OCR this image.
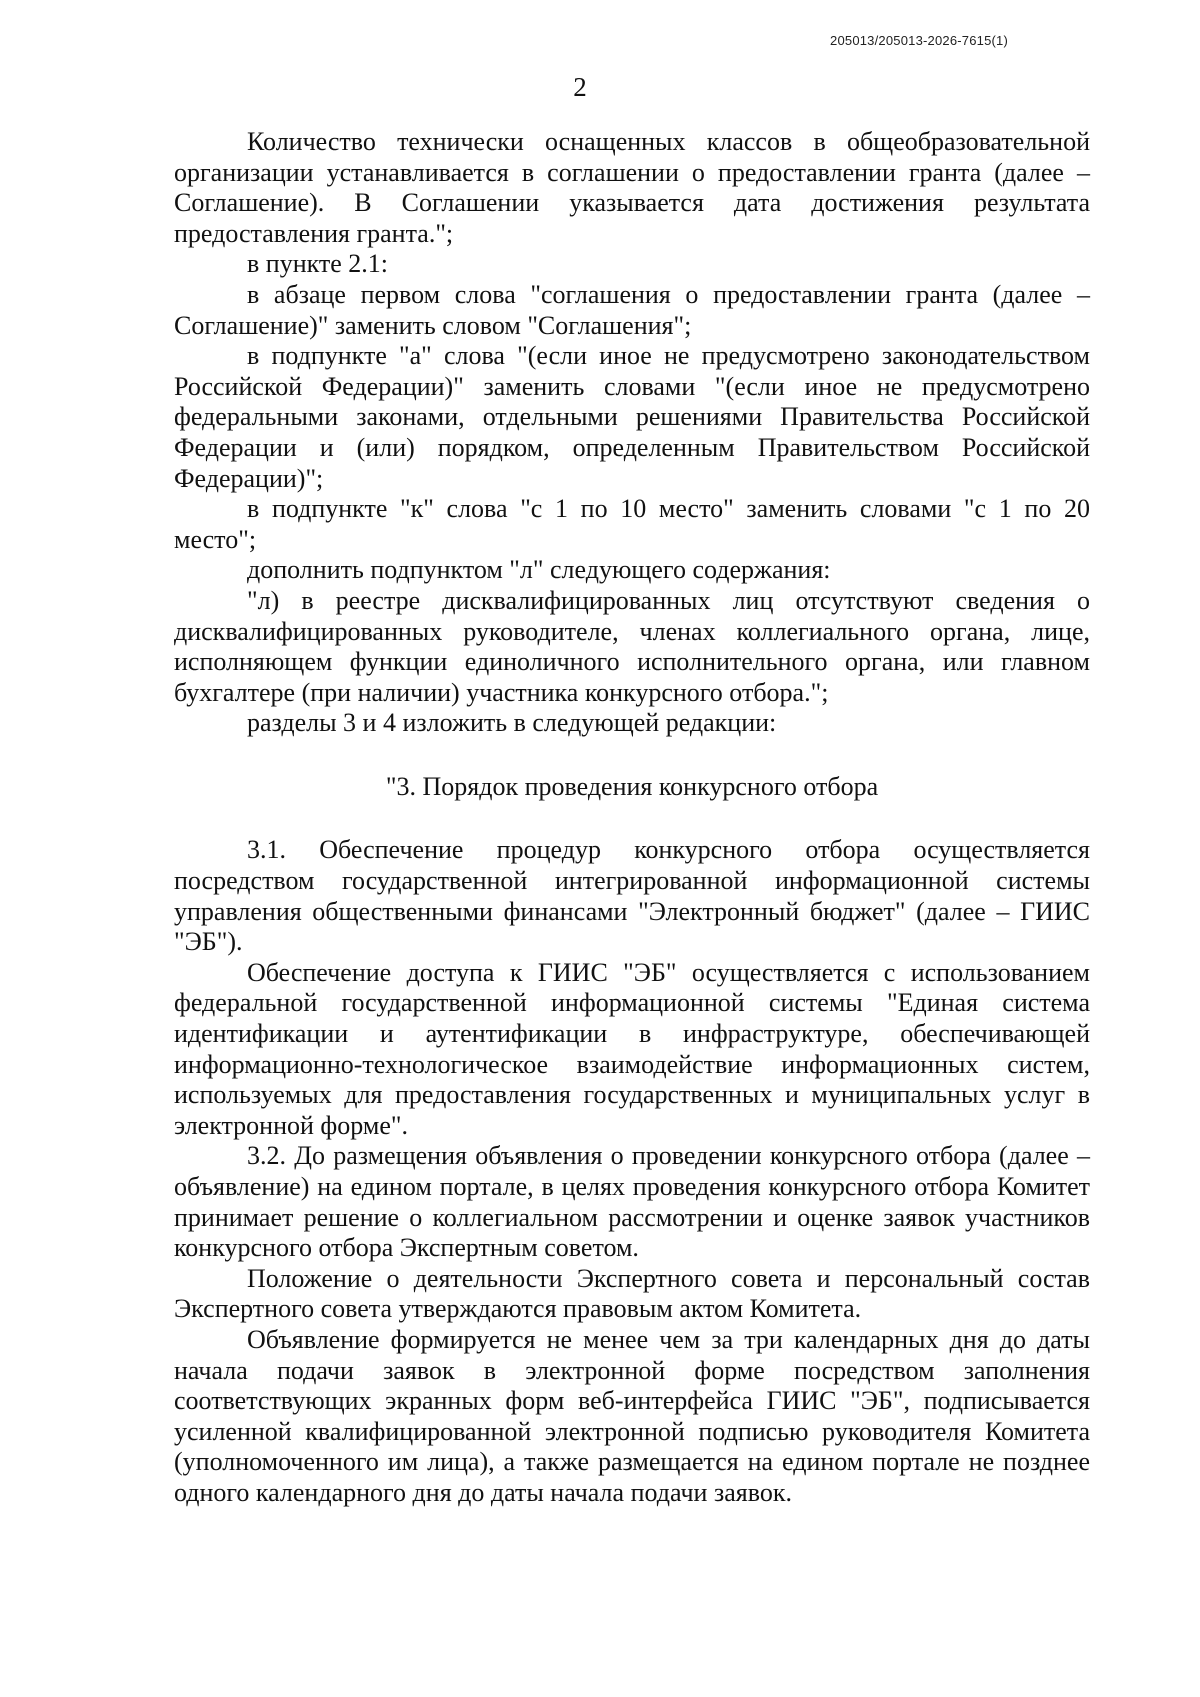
205013/205013-2026-7615(1)
2

Количество технически оснащенных классов в общеобразовательной организации устанавливается в соглашении о предоставлении гранта (далее – Соглашение). В Соглашении указывается дата достижения результата предоставления гранта.";

в пункте 2.1:

в абзаце первом слова "соглашения о предоставлении гранта (далее – Соглашение)" заменить словом "Соглашения";

в подпункте "а" слова "(если иное не предусмотрено законодательством Российской Федерации)" заменить словами "(если иное не предусмотрено федеральными законами, отдельными решениями Правительства Российской Федерации и (или) порядком, определенным Правительством Российской Федерации)";

в подпункте "к" слова "с 1 по 10 место" заменить словами "с 1 по 20 место";

дополнить подпунктом "л" следующего содержания:

"л) в реестре дисквалифицированных лиц отсутствуют сведения о дисквалифицированных руководителе, членах коллегиального органа, лице, исполняющем функции единоличного исполнительного органа, или главном бухгалтере (при наличии) участника конкурсного отбора.";

разделы 3 и 4 изложить в следующей редакции:

"3. Порядок проведения конкурсного отбора

3.1. Обеспечение процедур конкурсного отбора осуществляется посредством государственной интегрированной информационной системы управления общественными финансами "Электронный бюджет" (далее – ГИИС "ЭБ").

Обеспечение доступа к ГИИС "ЭБ" осуществляется с использованием федеральной государственной информационной системы "Единая система идентификации и аутентификации в инфраструктуре, обеспечивающей информационно-технологическое взаимодействие информационных систем, используемых для предоставления государственных и муниципальных услуг в электронной форме".

3.2. До размещения объявления о проведении конкурсного отбора (далее – объявление) на едином портале, в целях проведения конкурсного отбора Комитет принимает решение о коллегиальном рассмотрении и оценке заявок участников конкурсного отбора Экспертным советом.

Положение о деятельности Экспертного совета и персональный состав Экспертного совета утверждаются правовым актом Комитета.

Объявление формируется не менее чем за три календарных дня до даты начала подачи заявок в электронной форме посредством заполнения соответствующих экранных форм веб-интерфейса ГИИС "ЭБ", подписывается усиленной квалифицированной электронной подписью руководителя Комитета (уполномоченного им лица), а также размещается на едином портале не позднее одного календарного дня до даты начала подачи заявок.
